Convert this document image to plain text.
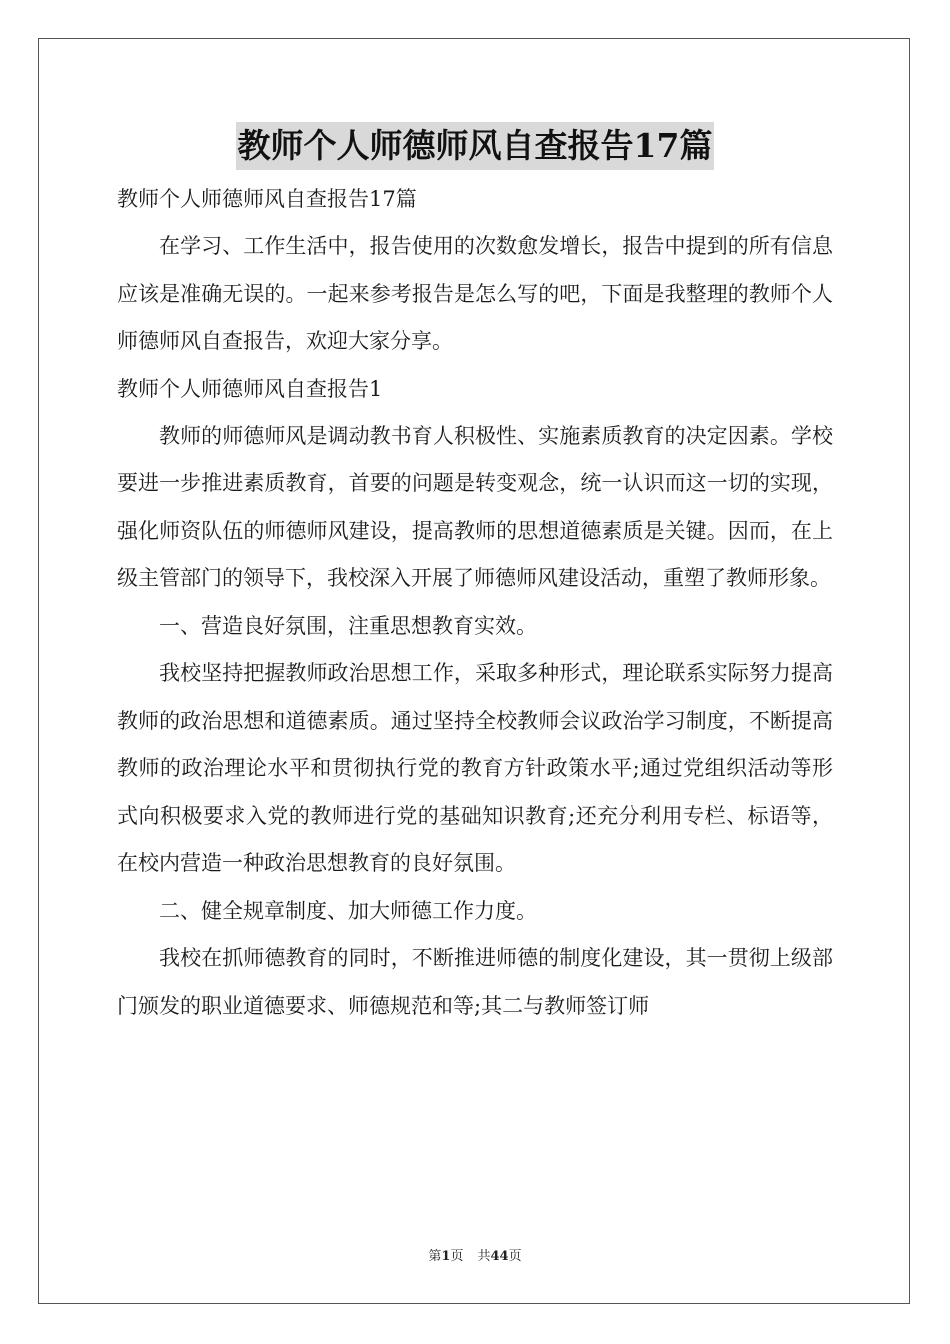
教师个人师德师风自查报告17篇

教师个人师德师风自查报告17篇

在学习、工作生活中，报告使用的次数愈发增长，报告中提到的所有信息应该是准确无误的。一起来参考报告是怎么写的吧，下面是我整理的教师个人师德师风自查报告，欢迎大家分享。

教师个人师德师风自查报告1

教师的师德师风是调动教书育人积极性、实施素质教育的决定因素。学校要进一步推进素质教育，首要的问题是转变观念，统一认识而这一切的实现，强化师资队伍的师德师风建设，提高教师的思想道德素质是关键。因而，在上级主管部门的领导下，我校深入开展了师德师风建设活动，重塑了教师形象。

一、营造良好氛围，注重思想教育实效。

我校坚持把握教师政治思想工作，采取多种形式，理论联系实际努力提高教师的政治思想和道德素质。通过坚持全校教师会议政治学习制度，不断提高教师的政治理论水平和贯彻执行党的教育方针政策水平;通过党组织活动等形式向积极要求入党的教师进行党的基础知识教育;还充分利用专栏、标语等，在校内营造一种政治思想教育的良好氛围。

二、健全规章制度、加大师德工作力度。

我校在抓师德教育的同时，不断推进师德的制度化建设，其一贯彻上级部门颁发的职业道德要求、师德规范和等;其二与教师签订师

第1页 共44页
